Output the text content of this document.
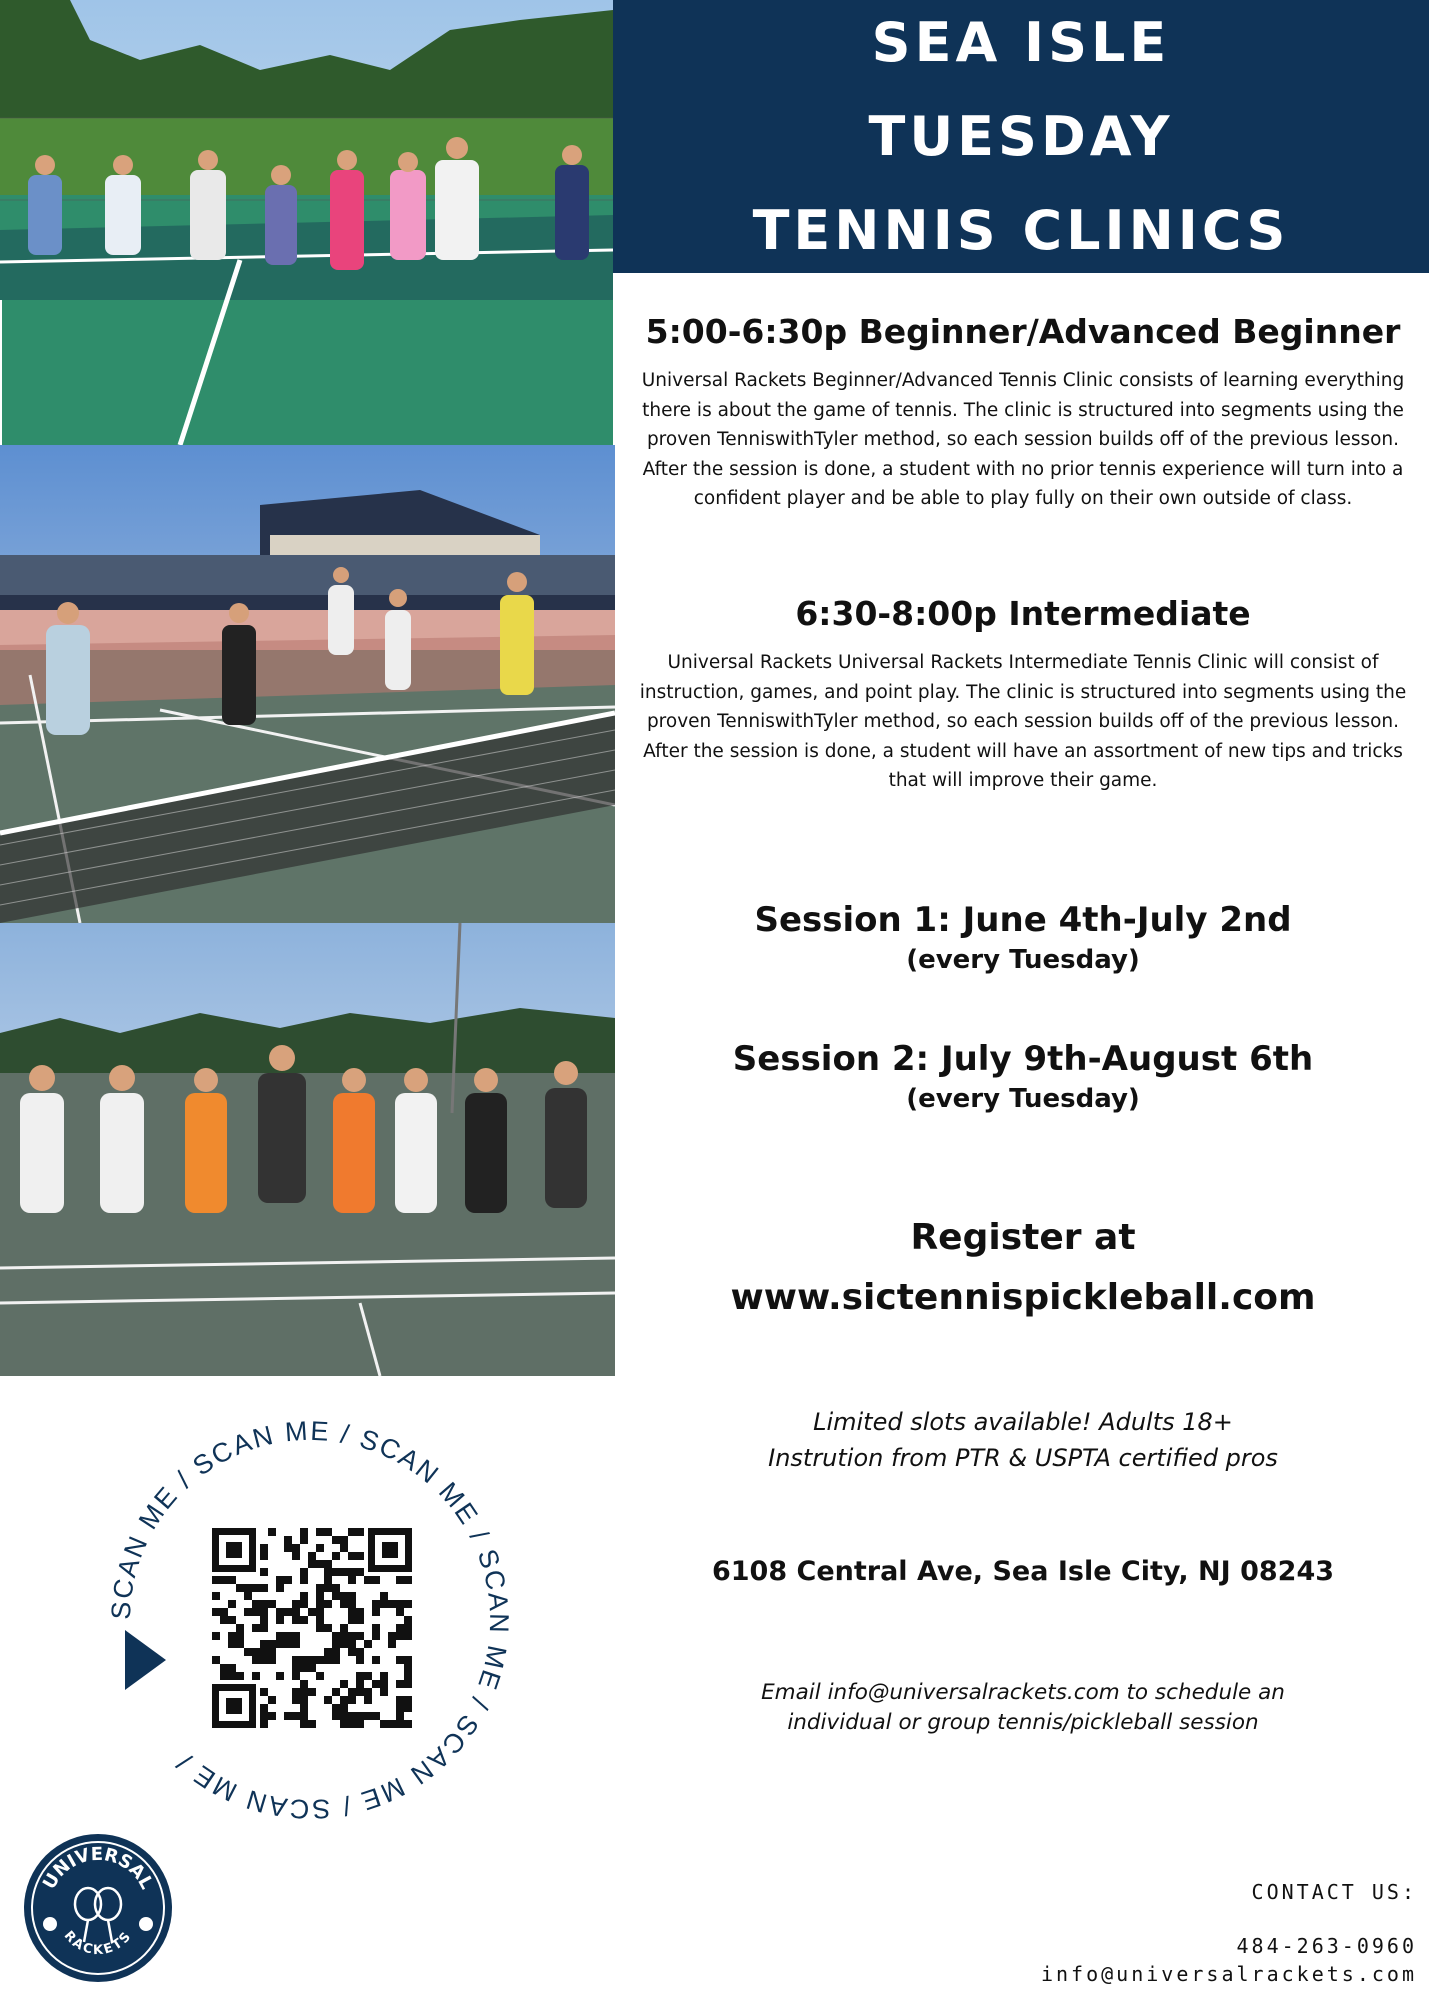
SEA ISLE
TUESDAY
TENNIS CLINICS
5:00-6:30p Beginner/Advanced Beginner
Universal Rackets Beginner/Advanced Tennis Clinic consists of learning everything there is about the game of tennis. The clinic is structured into segments using the proven TenniswithTyler method, so each session builds off of the previous lesson. After the session is done, a student with no prior tennis experience will turn into a confident player and be able to play fully on their own outside of class.
6:30-8:00p Intermediate
Universal Rackets Universal Rackets Intermediate Tennis Clinic will consist of instruction, games, and point play. The clinic is structured into segments using the proven TenniswithTyler method, so each session builds off of the previous lesson. After the session is done, a student will have an assortment of new tips and tricks that will improve their game.
Session 1: June 4th-July 2nd
(every Tuesday)
Session 2: July 9th-August 6th
(every Tuesday)
Register at
www.sictennispickleball.com
Limited slots available! Adults 18+
Instrution from PTR & USPTA certified pros
6108 Central Ave, Sea Isle City, NJ 08243
Email info@universalrackets.com to schedule an
individual or group tennis/pickleball session
SCAN ME / SCAN ME / SCAN ME / SCAN ME / SCAN ME / SCAN ME /
UNIVERSAL
RACKETS
CONTACT US:
484-263-0960
info@universalrackets.com
